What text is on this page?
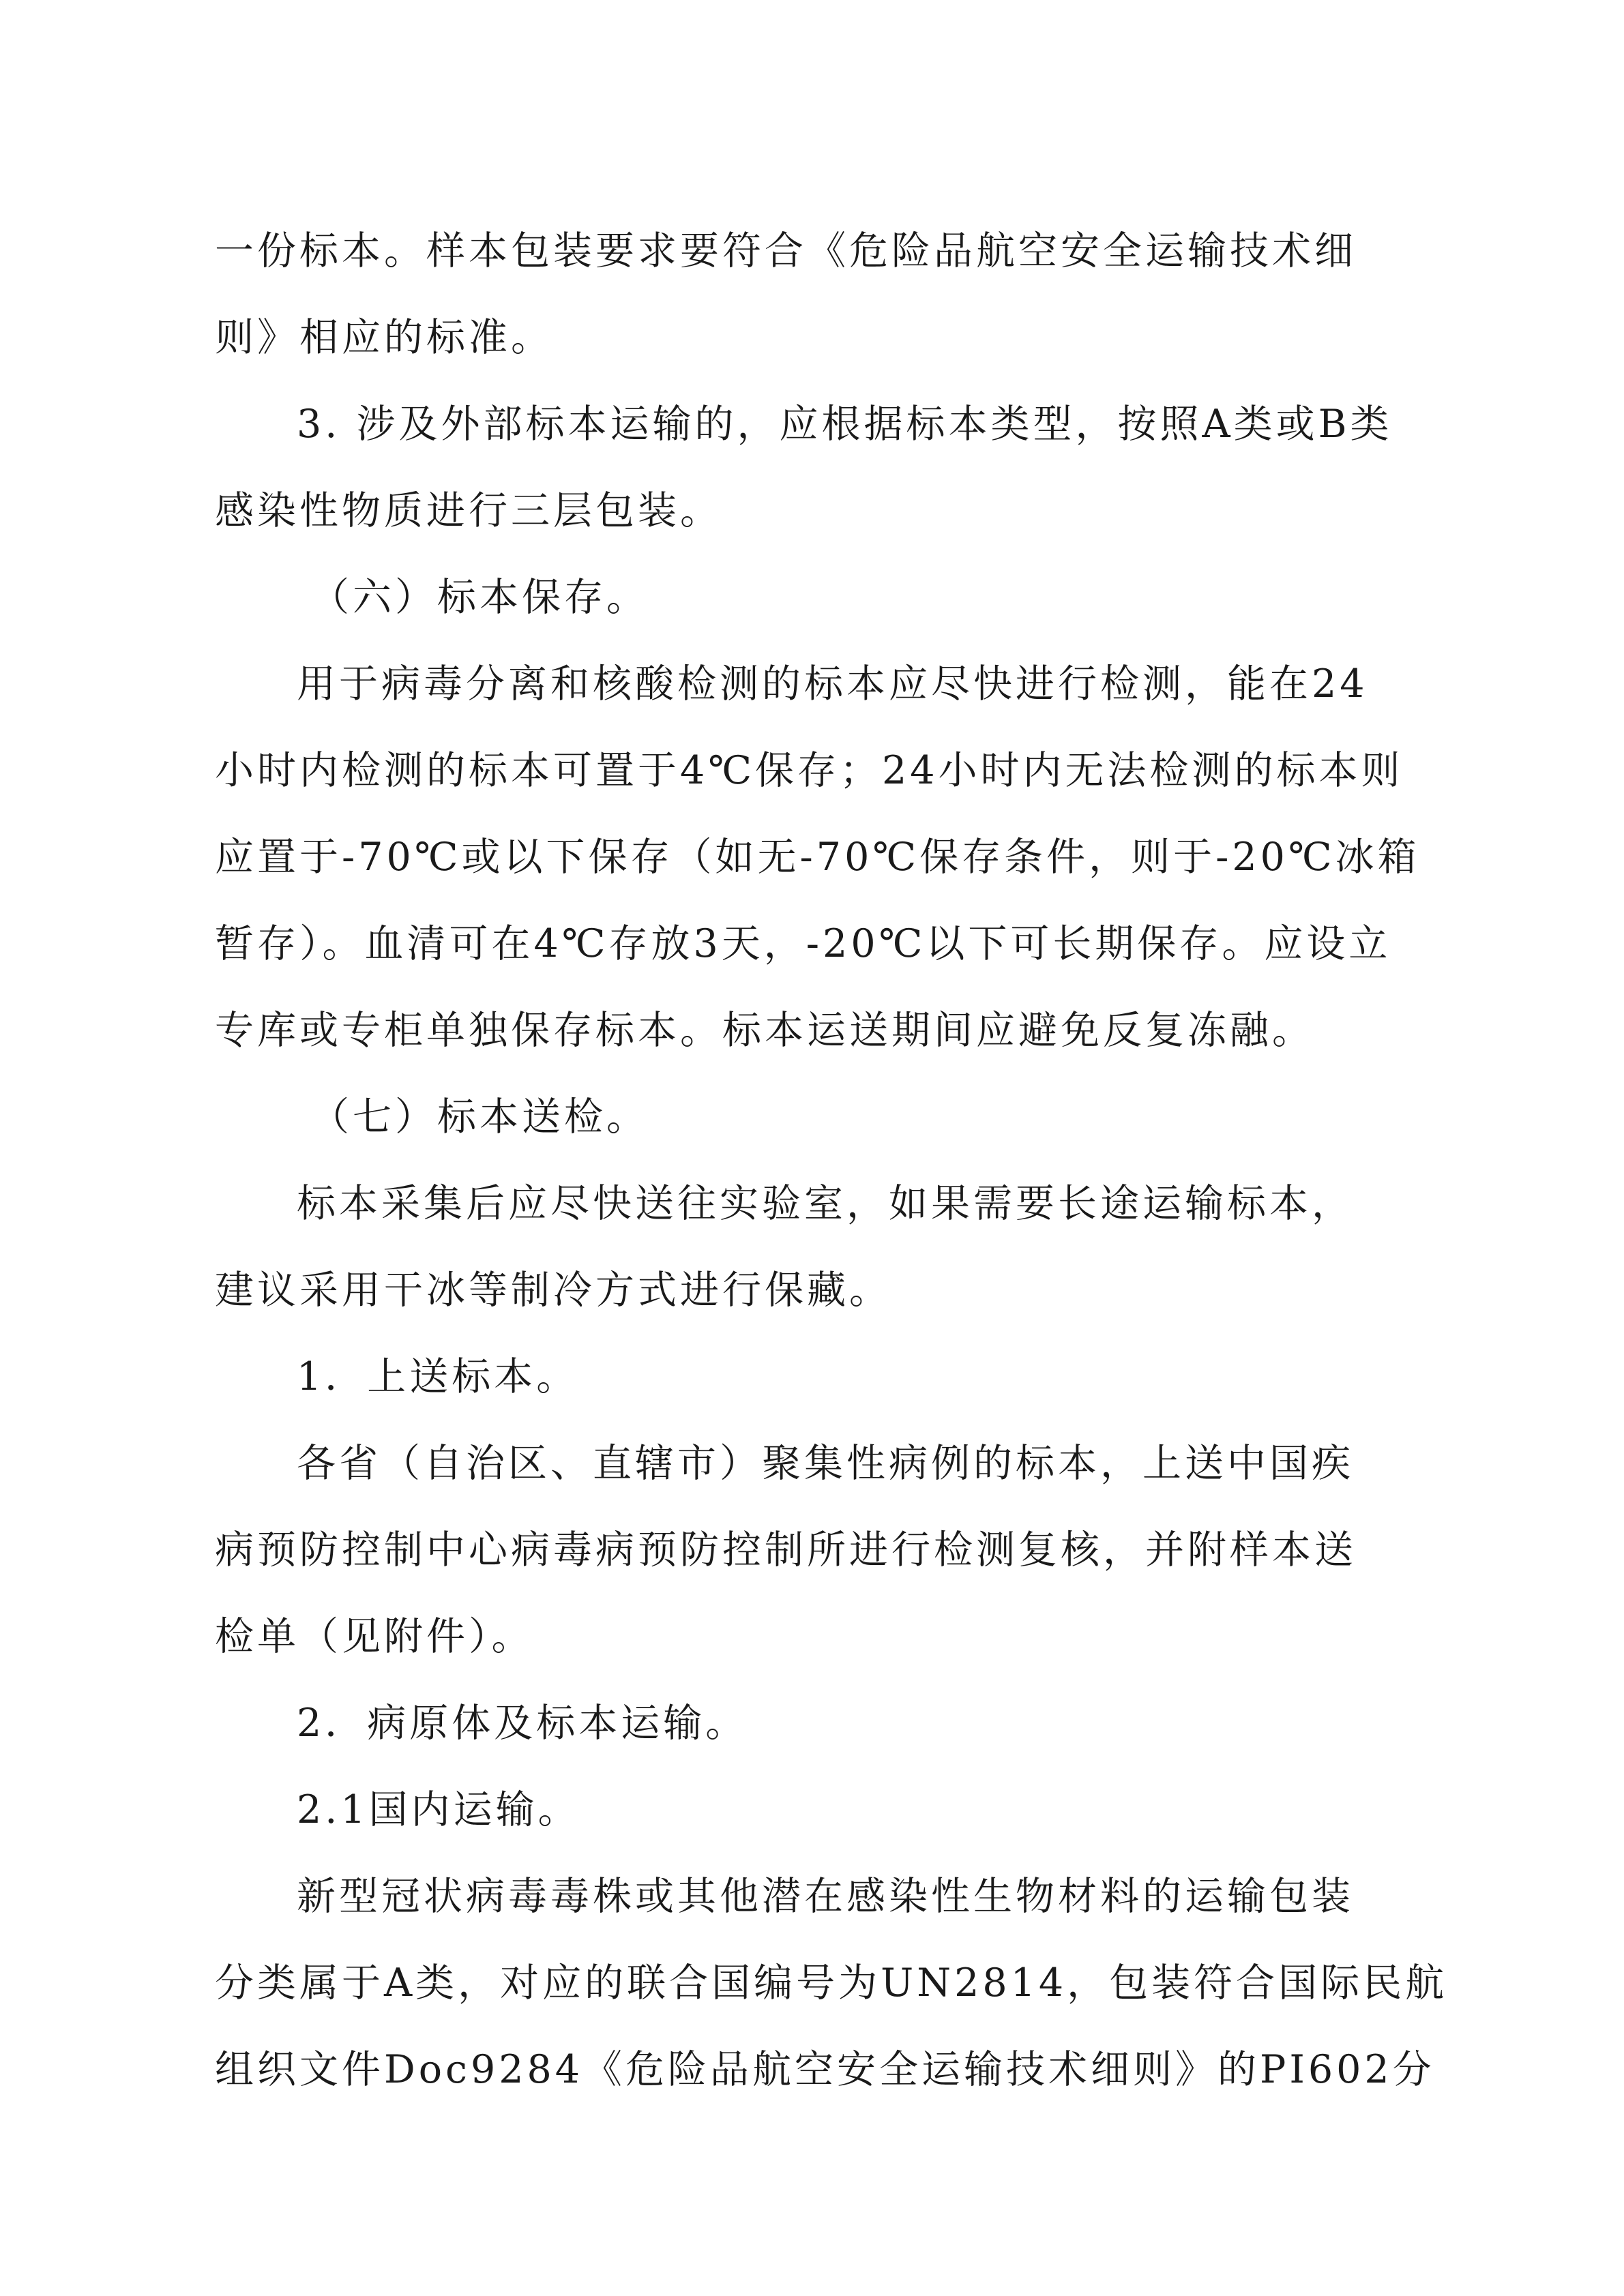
一份标本。样本包装要求要符合《危险品航空安全运输技术细
则》相应的标准。
3. 涉及外部标本运输的，应根据标本类型，按照A类或B类
感染性物质进行三层包装。
（六）标本保存。
用于病毒分离和核酸检测的标本应尽快进行检测，能在24
小时内检测的标本可置于4℃保存；24小时内无法检测的标本则
应置于-70℃或以下保存（如无-70℃保存条件，则于-20℃冰箱
暂存）。血清可在4℃存放3天，-20℃以下可长期保存。应设立
专库或专柜单独保存标本。标本运送期间应避免反复冻融。
（七）标本送检。
标本采集后应尽快送往实验室，如果需要长途运输标本，
建议采用干冰等制冷方式进行保藏。
1．上送标本。
各省（自治区、直辖市）聚集性病例的标本，上送中国疾
病预防控制中心病毒病预防控制所进行检测复核，并附样本送
检单（见附件）。
2．病原体及标本运输。
2.1国内运输。
新型冠状病毒毒株或其他潜在感染性生物材料的运输包装
分类属于A类，对应的联合国编号为UN2814，包装符合国际民航
组织文件Doc9284《危险品航空安全运输技术细则》的PI602分
